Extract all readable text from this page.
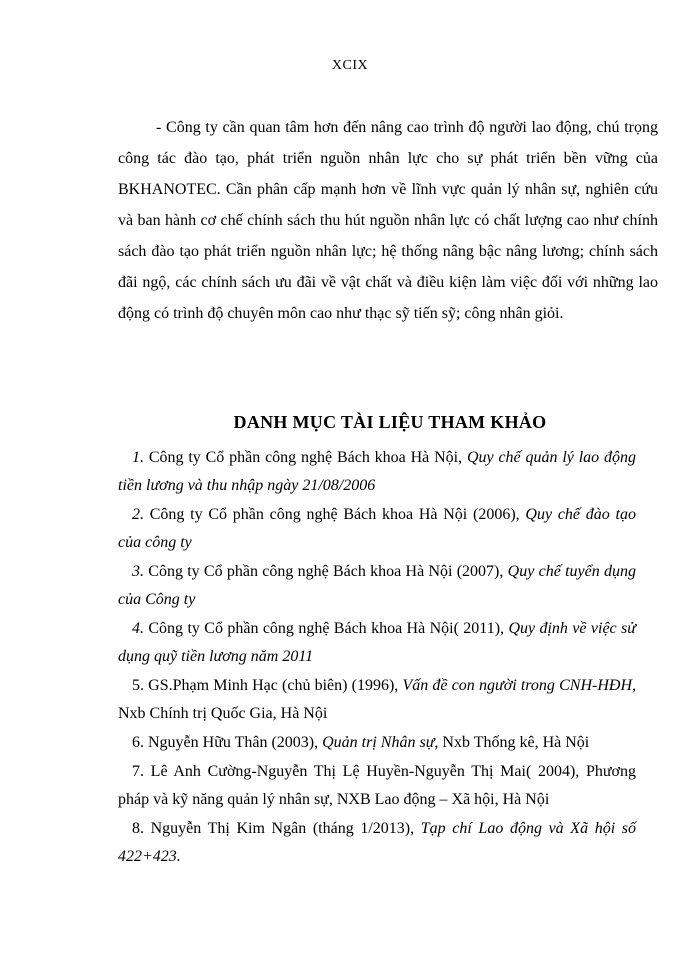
XCIX

- Công ty cần quan tâm hơn đến nâng cao trình độ người lao động, chú trọng công tác đào tạo, phát triển nguồn nhân lực cho sự phát triển bền vững của BKHANOTEC. Cần phân cấp mạnh hơn về lĩnh vực quản lý nhân sự, nghiên cứu và ban hành cơ chế chính sách thu hút nguồn nhân lực có chất lượng cao như chính sách đào tạo phát triển nguồn nhân lực; hệ thống nâng bậc nâng lương; chính sách đãi ngộ, các chính sách ưu đãi về vật chất và điều kiện làm việc đối với những lao động có trình độ chuyên môn cao như thạc sỹ tiến sỹ; công nhân giỏi.

DANH MỤC TÀI LIỆU THAM KHẢO
1. Công ty Cổ phần công nghệ Bách khoa Hà Nội, Quy chế quản lý lao động tiền lương và thu nhập ngày 21/08/2006
2. Công ty Cổ phần công nghệ Bách khoa Hà Nội (2006), Quy chế đào tạo của công ty
3. Công ty Cổ phần công nghệ Bách khoa Hà Nội (2007), Quy chế tuyển dụng của Công ty
4. Công ty Cổ phần công nghệ Bách khoa Hà Nội( 2011), Quy định về việc sử dụng quỹ tiền lương năm 2011
5. GS.Phạm Minh Hạc (chủ biên) (1996), Vấn đề con người trong CNH-HĐH, Nxb Chính trị Quốc Gia, Hà Nội
6. Nguyễn Hữu Thân (2003), Quản trị Nhân sự, Nxb Thống kê, Hà Nội
7. Lê Anh Cường-Nguyễn Thị Lệ Huyền-Nguyễn Thị Mai( 2004), Phương pháp và kỹ năng quản lý nhân sự, NXB Lao động – Xã hội, Hà Nội
8. Nguyễn Thị Kim Ngân (tháng 1/2013), Tạp chí Lao động và Xã hội số 422+423.
